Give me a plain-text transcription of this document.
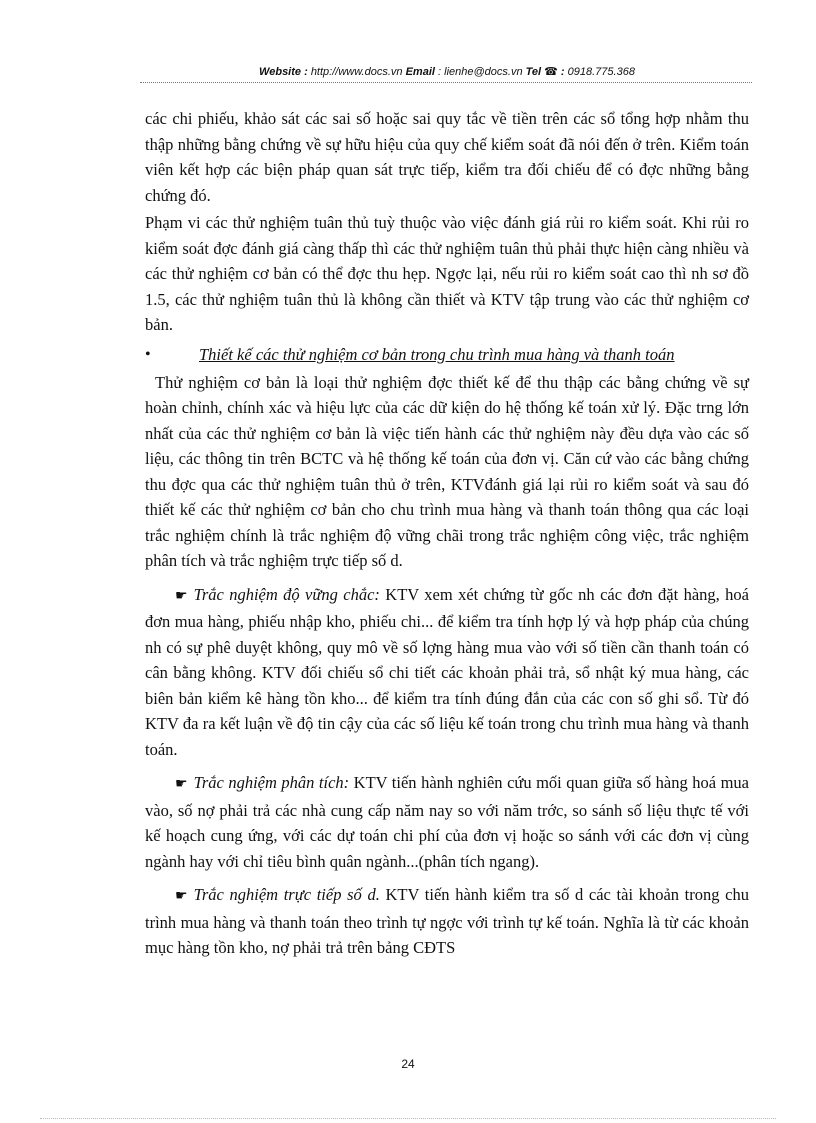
Website : http://www.docs.vn Email : lienhe@docs.vn Tel ☎ : 0918.775.368

các chi phiếu, khảo sát các sai số hoặc sai quy tắc về tiền trên các sổ tổng hợp nhằm thu thập những bằng chứng về sự hữu hiệu của quy chế kiểm soát đã nói đến ở trên. Kiểm toán viên kết hợp các biện pháp quan sát trực tiếp, kiểm tra đối chiếu để có đợc những bằng chứng đó.

Phạm vi các thử nghiệm tuân thủ tuỳ thuộc vào việc đánh giá rủi ro kiểm soát. Khi rủi ro kiểm soát đợc đánh giá càng thấp thì các thử nghiệm tuân thủ phải thực hiện càng nhiều và các thử nghiệm cơ bản có thể đợc thu hẹp. Ngợc lại, nếu rủi ro kiểm soát cao thì nh sơ đồ 1.5, các thử nghiệm tuân thủ là không cần thiết và KTV tập trung vào các thử nghiệm cơ bản.

•	Thiết kế các thử nghiệm cơ bản trong chu trình mua hàng và thanh toán

Thử nghiệm cơ bản là loại thử nghiệm đợc thiết kế để thu thập các bằng chứng về sự hoàn chỉnh, chính xác và hiệu lực của các dữ kiện do hệ thống kế toán xử lý. Đặc trng lớn nhất của các thử nghiệm cơ bản là việc tiến hành các thử nghiệm này đều dựa vào các số liệu, các thông tin trên BCTC và hệ thống kế toán của đơn vị. Căn cứ vào các bằng chứng thu đợc qua các thử nghiệm tuân thủ ở trên, KTVđánh giá lại rủi ro kiểm soát và sau đó thiết kế các thử nghiệm cơ bản cho chu trình mua hàng và thanh toán thông qua các loại trắc nghiệm chính là trắc nghiệm độ vững chãi trong trắc nghiệm công việc, trắc nghiệm phân tích và trắc nghiệm trực tiếp số d.

☛ Trắc nghiệm độ vững chắc: KTV xem xét chứng từ gốc nh các đơn đặt hàng, hoá đơn mua hàng, phiếu nhập kho, phiếu chi... để kiểm tra tính hợp lý và hợp pháp của chúng nh có sự phê duyệt không, quy mô về số lợng hàng mua vào với số tiền cần thanh toán có cân bằng không. KTV đối chiếu sổ chi tiết các khoản phải trả, sổ nhật ký mua hàng, các biên bản kiểm kê hàng tồn kho... để kiểm tra tính đúng đắn của các con số ghi sổ. Từ đó KTV đa ra kết luận về độ tin cậy của các số liệu kế toán trong chu trình mua hàng và thanh toán.

☛ Trắc nghiệm phân tích: KTV tiến hành nghiên cứu mối quan giữa số hàng hoá mua vào, số nợ phải trả các nhà cung cấp năm nay so với năm trớc, so sánh số liệu thực tế với kế hoạch cung ứng, với các dự toán chi phí của đơn vị hoặc so sánh với các đơn vị cùng ngành hay với chỉ tiêu bình quân ngành...(phân tích ngang).

☛ Trắc nghiệm trực tiếp số d. KTV tiến hành kiểm tra số d các tài khoản trong chu trình mua hàng và thanh toán theo trình tự ngợc với trình tự kế toán. Nghĩa là từ các khoản mục hàng tồn kho, nợ phải trả trên bảng CĐTS

24
